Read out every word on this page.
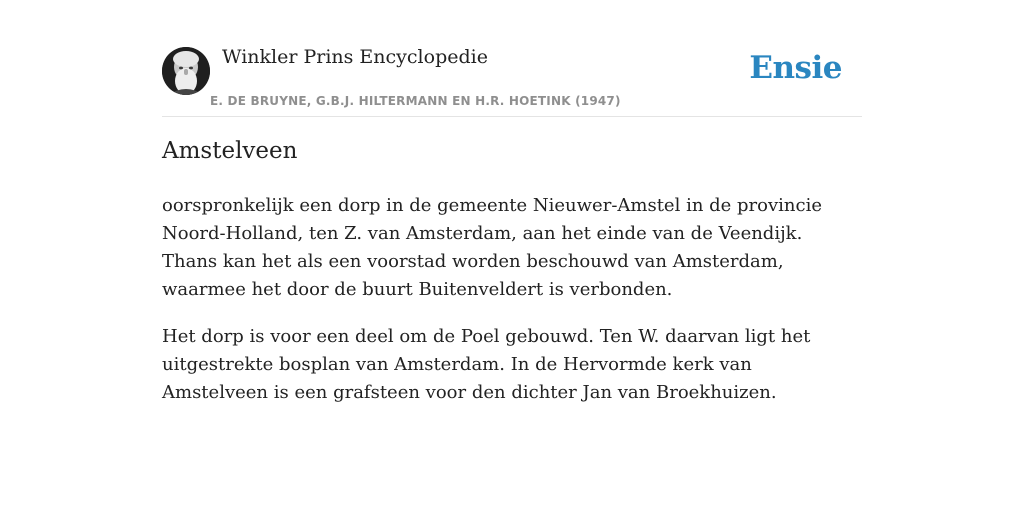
Winkler Prins Encyclopedie
E. DE BRUYNE, G.B.J. HILTERMANN EN H.R. HOETINK (1947)
Ensie
Amstelveen

oorspronkelijk een dorp in de gemeente Nieuwer-Amstel in de provincie Noord-Holland, ten Z. van Amsterdam, aan het einde van de Veendijk. Thans kan het als een voorstad worden beschouwd van Amsterdam, waarmee het door de buurt Buitenveldert is verbonden.

Het dorp is voor een deel om de Poel gebouwd. Ten W. daarvan ligt het uitgestrekte bosplan van Amsterdam. In de Hervormde kerk van Amstelveen is een grafsteen voor den dichter Jan van Broekhuizen.
